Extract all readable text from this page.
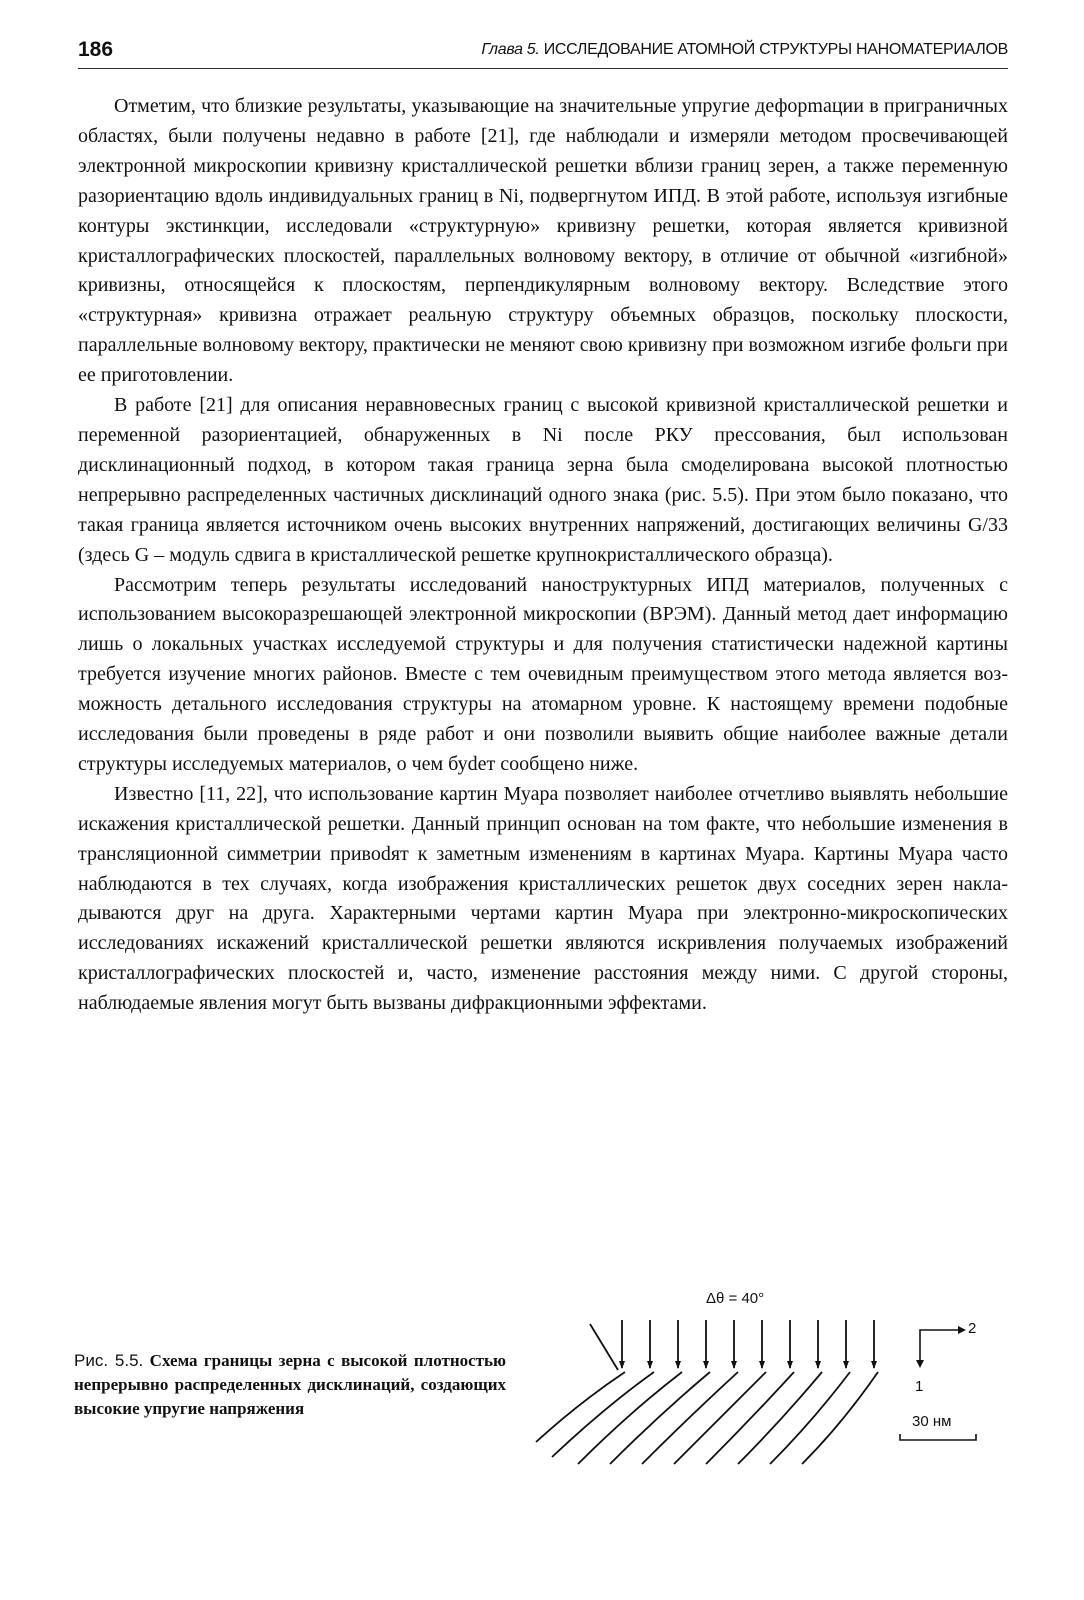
186	Глава 5. ИССЛЕДОВАНИЕ АТОМНОЙ СТРУКТУРЫ НАНОМАТЕРИАЛОВ

Отметим, что близкие результаты, указывающие на значительные упругие дефорmации в приграничных областях, были получены недавно в работе [21], где наблюдали и измеряли методом просвечивающей электронной микроскопии кривизну кристаллической решетки вблизи границ зерен, а также переменную разориентацию вдоль индивидуальных границ в Ni, подвергнутом ИПД. В этой работе, используя изгибные контуры экстинкции, исследовали «структурную» кривизну решетки, которая является кривизной кристаллографических плоскостей, параллельных волновому вектору, в отличие от обычной «изгибной» кривизны, относящейся к плоскостям, перпендикулярным волновому вектору. Вследствие этого «структурная» кривизна отражает реальную структуру объемных образцов, поскольку плоскости, параллельные волновому вектору, практически не меняют свою кривизну при возможном изгибе фольги при ее приготовлении.

В работе [21] для описания неравновесных границ с высокой кривизной кристаллической решетки и переменной разориентацией, обнаруженных в Ni после РКУ прессования, был использован дисклинационный подход, в котором такая граница зерна была смоделирована высокой плотностью непрерывно распределенных частичных дисклинаций одного знака (рис. 5.5). При этом было показано, что такая граница является источником очень высоких внутренних напряжений, достигающих величины G/33 (здесь G – модуль сдвига в кристаллической решетке крупнокристаллического образца).

Рассмотрим теперь результаты исследований наноструктурных ИПД материалов, полученных с использованием высокоразрешающей электронной микроскопии (ВРЭМ). Данный метод дает информацию лишь о локальных участках исследуемой структуры и для получения статистически надежной картины требуется изучение многих районов. Вместе с тем очевидным преимуществом этого метода является возможность детального исследования структуры на атомарном уровне. К настоящему времени подобные исследования были проведены в ряде работ и они позволили выявить общие наиболее важные детали структуры исследуемых материалов, о чем буdет сообщено ниже.

Известно [11, 22], что использование картин Муара позволяет наиболее отчетливо выявлять небольшие искажения кристаллической решетки. Данный принцип основан на том факте, что небольшие изменения в трансляционной симметрии привоdят к заметным изменениям в картинах Муара. Картины Муара часто наблюдаются в тех случаях, когда изображения кристаллических решеток двух соседних зерен накладываются друг на друга. Характерными чертами картин Муара при электронно-микроскопических исследованиях искажений кристаллической решетки являются искривления получаемых изображений кристаллографических плоскостей и, часто, изменение расстояния между ними. С другой стороны, наблюдаемые явления могут быть вызваны дифракционными эффектами.

Рис. 5.5. Схема границы зерна с высокой плотностью непрерывно распределенных дисклинаций, создающих высокие упругие напряжения
Δθ = 40°
2
1
30 нм
